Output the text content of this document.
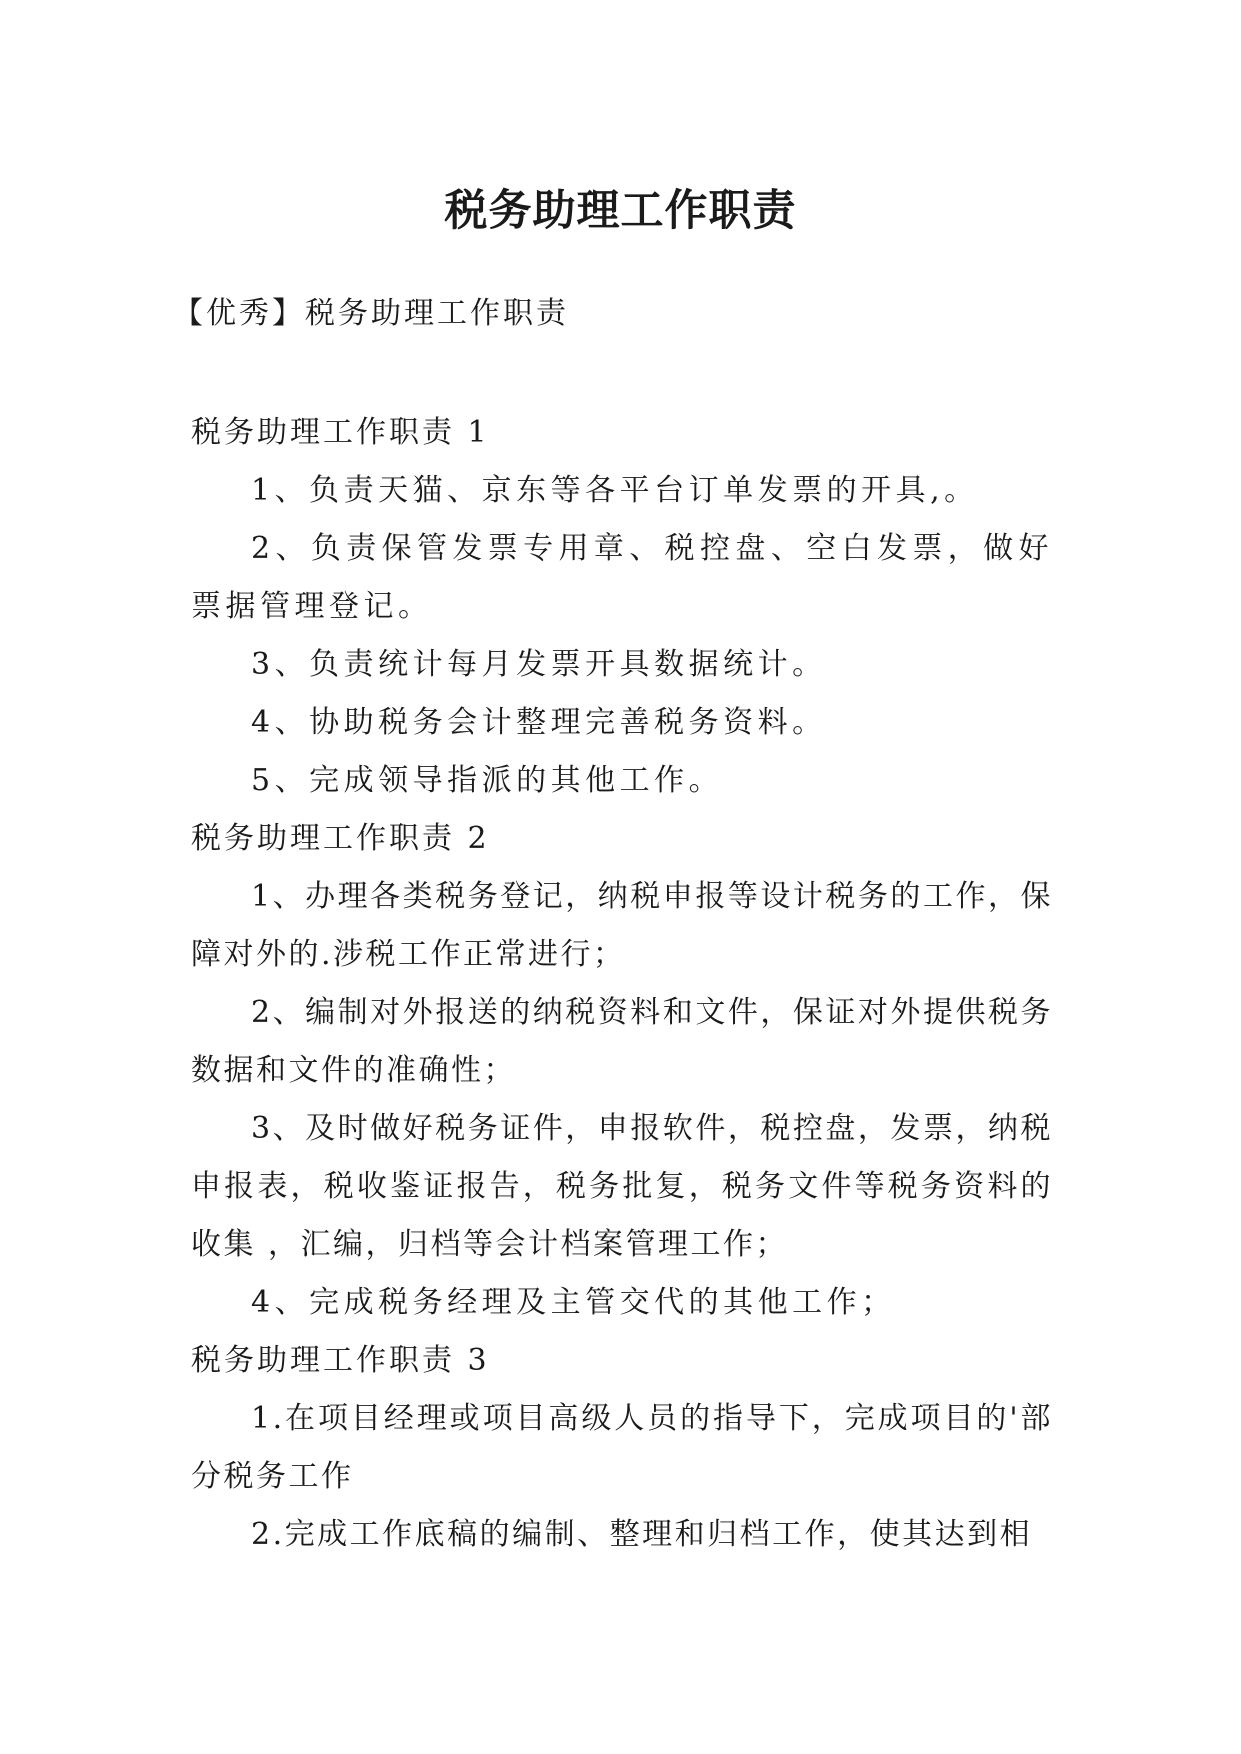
税务助理工作职责
【优秀】税务助理工作职责
税务助理工作职责 1

1、负责天猫、京东等各平台订单发票的开具,。

2、负责保管发票专用章、税控盘、空白发票，做好票据管理登记。

3、负责统计每月发票开具数据统计。

4、协助税务会计整理完善税务资料。

5、完成领导指派的其他工作。

税务助理工作职责 2

1、办理各类税务登记，纳税申报等设计税务的工作，保障对外的.涉税工作正常进行；

2、编制对外报送的纳税资料和文件，保证对外提供税务数据和文件的准确性；

3、及时做好税务证件，申报软件，税控盘，发票，纳税申报表，税收鉴证报告，税务批复，税务文件等税务资料的收集 ，汇编，归档等会计档案管理工作；

4、完成税务经理及主管交代的其他工作；

税务助理工作职责 3

1.在项目经理或项目高级人员的指导下，完成项目的'部分税务工作

2.完成工作底稿的编制、整理和归档工作，使其达到相
